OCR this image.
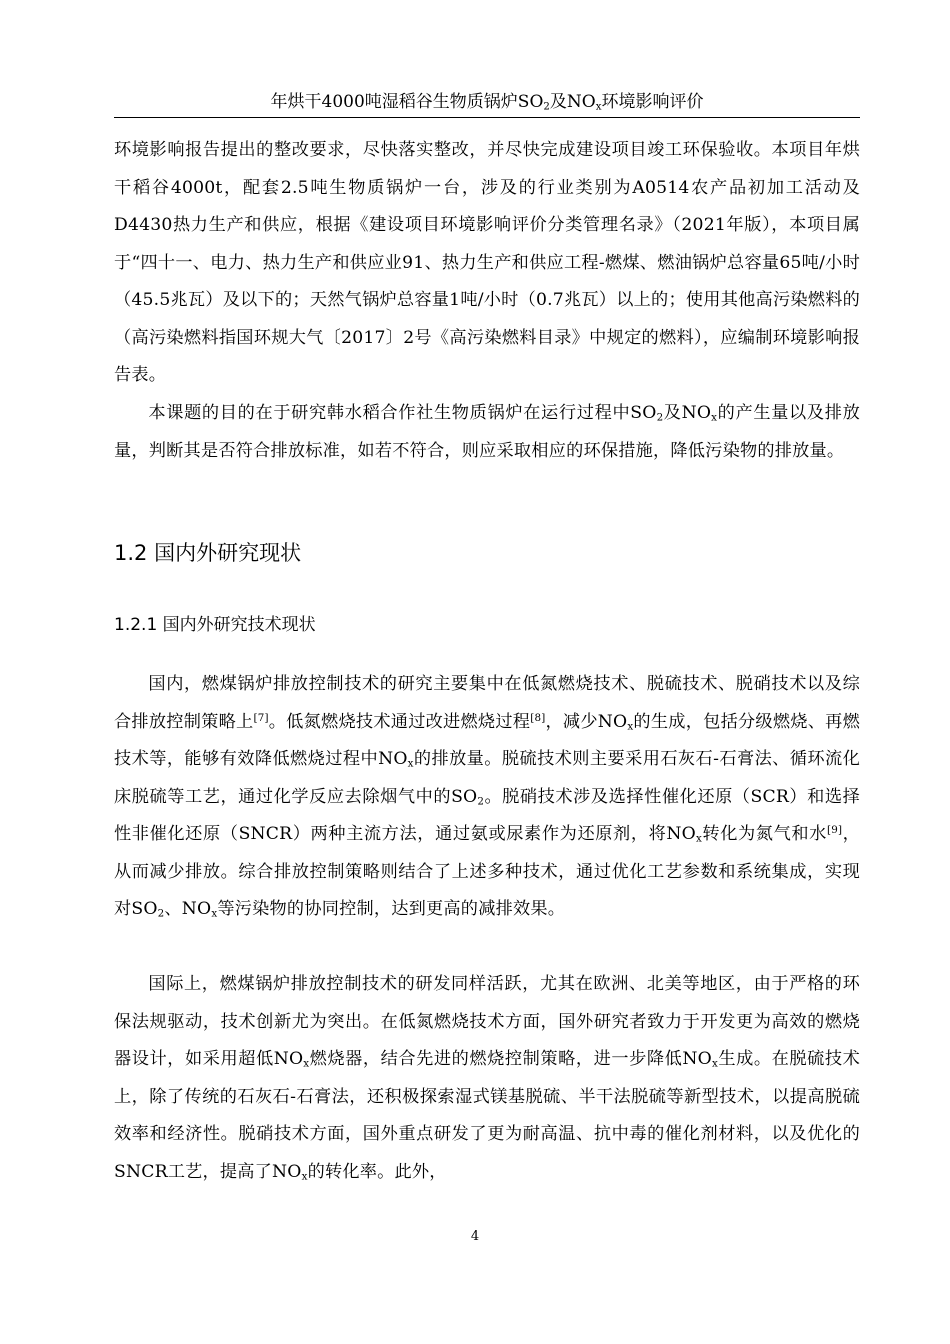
年烘干4000吨湿稻谷生物质锅炉$SO_2$及$NO_x$环境影响评价
环境影响报告提出的整改要求，尽快落实整改，并尽快完成建设项目竣工环保验收。本项目年烘干稻谷4000t，配套2.5吨生物质锅炉一台，涉及的行业类别为A0514农产品初加工活动及D4430热力生产和供应，根据《建设项目环境影响评价分类管理名录》（2021年版），本项目属于“四十一、电力、热力生产和供应业91、热力生产和供应工程-燃煤、燃油锅炉总容量65吨/小时（45.5兆瓦）及以下的；天然气锅炉总容量1吨/小时（0.7兆瓦）以上的；使用其他高污染燃料的（高污染燃料指国环规大气〔2017〕2号《高污染燃料目录》中规定的燃料），应编制环境影响报告表。
本课题的目的在于研究韩水稻合作社生物质锅炉在运行过程中$SO_2$及$NO_x$的产生量以及排放量，判断其是否符合排放标准，如若不符合，则应采取相应的环保措施，降低污染物的排放量。
1.2 国内外研究现状
1.2.1 国内外研究技术现状
国内，燃煤锅炉排放控制技术的研究主要集中在低氮燃烧技术、脱硫技术、脱硝技术以及综合排放控制策略上[7]。低氮燃烧技术通过改进燃烧过程[8]，减少$NO_x$的生成，包括分级燃烧、再燃技术等，能够有效降低燃烧过程中$NO_x$的排放量。脱硫技术则主要采用石灰石-石膏法、循环流化床脱硫等工艺，通过化学反应去除烟气中的$SO_2$。脱硝技术涉及选择性催化还原（SCR）和选择性非催化还原（SNCR）两种主流方法，通过氨或尿素作为还原剂，将$NO_x$转化为氮气和水[9]，从而减少排放。综合排放控制策略则结合了上述多种技术，通过优化工艺参数和系统集成，实现对$SO_2$、$NO_x$等污染物的协同控制，达到更高的减排效果。
国际上，燃煤锅炉排放控制技术的研发同样活跃，尤其在欧洲、北美等地区，由于严格的环保法规驱动，技术创新尤为突出。在低氮燃烧技术方面，国外研究者致力于开发更为高效的燃烧器设计，如采用超低$NO_x$燃烧器，结合先进的燃烧控制策略，进一步降低$NO_x$生成。在脱硫技术上，除了传统的石灰石-石膏法，还积极探索湿式镁基脱硫、半干法脱硫等新型技术，以提高脱硫效率和经济性。脱硝技术方面，国外重点研发了更为耐高温、抗中毒的催化剂材料，以及优化的SNCR工艺，提高了$NO_x$的转化率。此外，
4
